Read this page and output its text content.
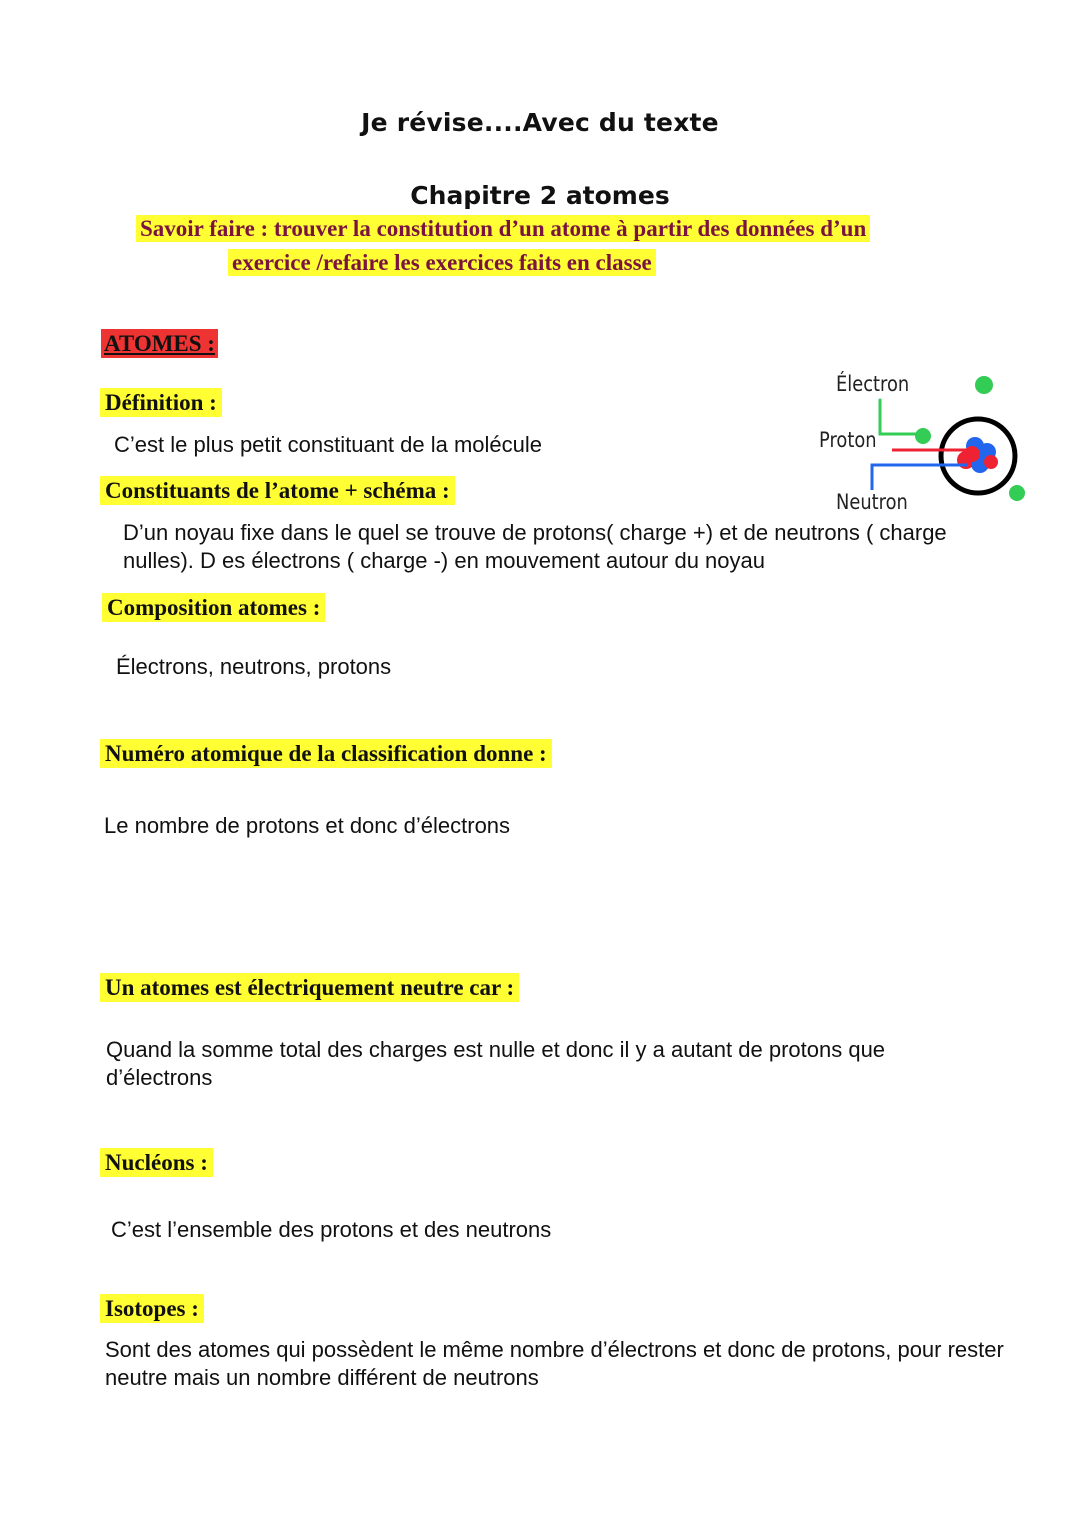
Je révise....Avec du texte
Chapitre 2 atomes
Savoir faire : trouver la constitution d’un atome à partir des données d’un
exercice /refaire les exercices faits en classe
ATOMES :
Définition :
C’est le plus petit constituant de la molécule
Constituants de l’atome + schéma :
D’un noyau fixe dans le quel se trouve de protons( charge +) et de neutrons ( charge
nulles). D es électrons ( charge -) en mouvement autour du noyau
Électron
Proton
Neutron
Composition atomes :
Électrons, neutrons, protons
Numéro atomique de la classification donne :
Le nombre de protons et donc d’électrons
Un atomes est électriquement neutre car :
Quand la somme total des charges est nulle et donc il y a autant de protons que
d’électrons
Nucléons :
C’est l’ensemble des protons et des neutrons
Isotopes :
Sont des atomes qui possèdent le même nombre d’électrons et donc de protons, pour rester
neutre mais un nombre différent de neutrons
